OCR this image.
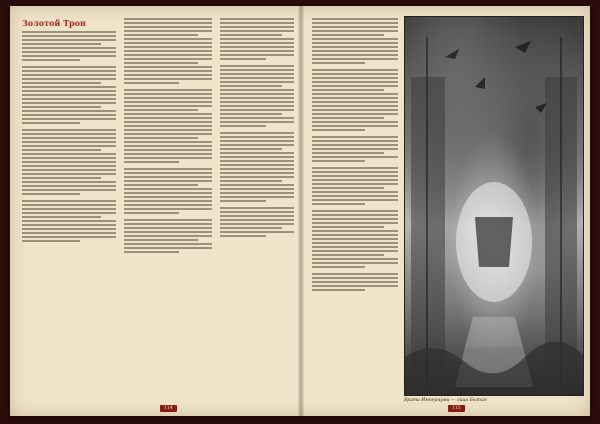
Золотой Трон
Врата Империума — лицо Бытия
114	115
